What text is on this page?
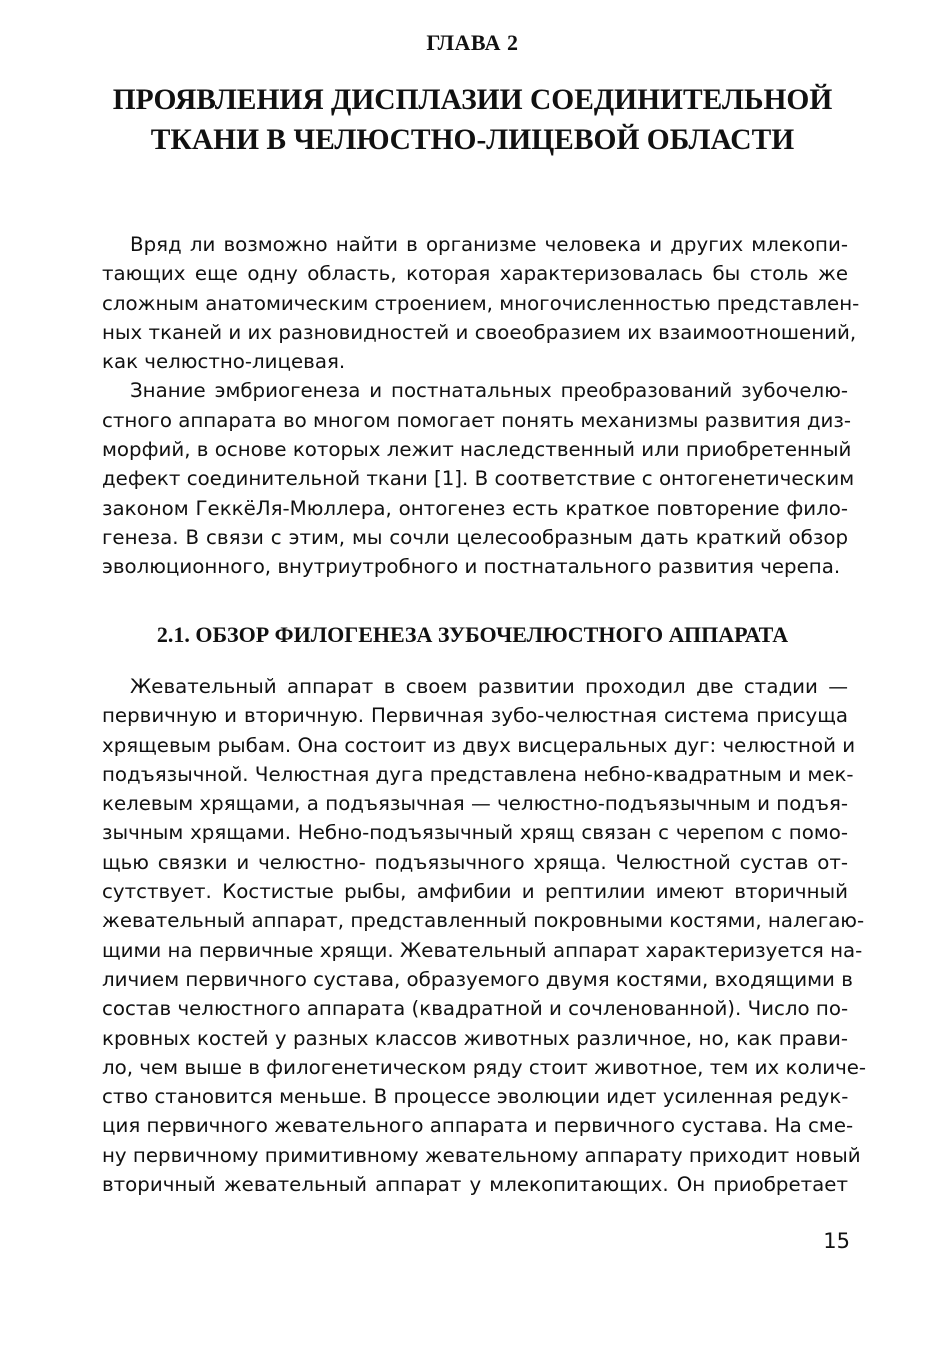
ГЛАВА 2
ПРОЯВЛЕНИЯ ДИСПЛАЗИИ СОЕДИНИТЕЛЬНОЙ
ТКАНИ В ЧЕЛЮСТНО-ЛИЦЕВОЙ ОБЛАСТИ
Вряд ли возможно найти в организме человека и других млекопи-
тающих еще одну область, которая характеризовалась бы столь же
сложным анатомическим строением, многочисленностью представлен-
ных тканей и их разновидностей и своеобразием их взаимоотношений,
как челюстно-лицевая.
Знание эмбриогенеза и постнатальных преобразований зубочелю-
стного аппарата во многом помогает понять механизмы развития диз-
морфий, в основе которых лежит наследственный или приобретенный
дефект соединительной ткани [1]. В соответствие с онтогенетическим
законом ГеккёЛя-Мюллера, онтогенез есть краткое повторение фило-
генеза. В связи с этим, мы сочли целесообразным дать краткий обзор
эволюционного, внутриутробного и постнатального развития черепа.
2.1. ОБЗОР ФИЛОГЕНЕЗА ЗУБОЧЕЛЮСТНОГО АППАРАТА
Жевательный аппарат в своем развитии проходил две стадии —
первичную и вторичную. Первичная зубо-челюстная система присуща
хрящевым рыбам. Она состоит из двух висцеральных дуг: челюстной и
подъязычной. Челюстная дуга представлена небно-квадратным и мек-
келевым хрящами, а подъязычная — челюстно-подъязычным и подъя-
зычным хрящами. Небно-подъязычный хрящ связан с черепом с помо-
щью связки и челюстно- подъязычного хряща. Челюстной сустав от-
сутствует. Костистые рыбы, амфибии и рептилии имеют вторичный
жевательный аппарат, представленный покровными костями, налегаю-
щими на первичные хрящи. Жевательный аппарат характеризуется на-
личием первичного сустава, образуемого двумя костями, входящими в
состав челюстного аппарата (квадратной и сочленованной). Число по-
кровных костей у разных классов животных различное, но, как прави-
ло, чем выше в филогенетическом ряду стоит животное, тем их количе-
ство становится меньше. В процессе эволюции идет усиленная редук-
ция первичного жевательного аппарата и первичного сустава. На сме-
ну первичному примитивному жевательному аппарату приходит новый
вторичный жевательный аппарат у млекопитающих. Он приобретает
15
